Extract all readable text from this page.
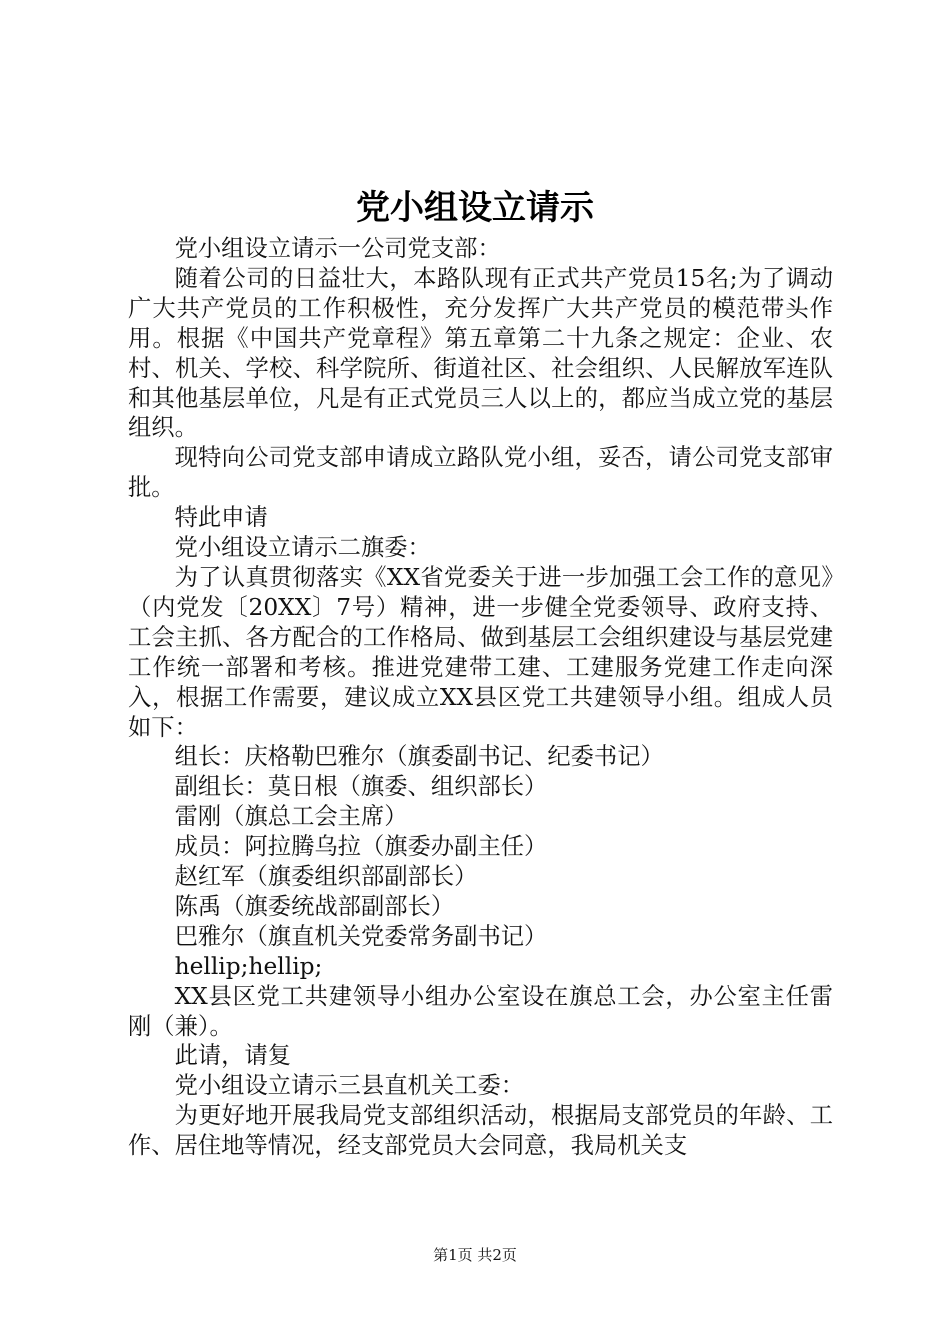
党小组设立请示

党小组设立请示一公司党支部：

随着公司的日益壮大，本路队现有正式共产党员15名;为了调动广大共产党员的工作积极性，充分发挥广大共产党员的模范带头作用。根据《中国共产党章程》第五章第二十九条之规定：企业、农村、机关、学校、科学院所、街道社区、社会组织、人民解放军连队和其他基层单位，凡是有正式党员三人以上的，都应当成立党的基层组织。

现特向公司党支部申请成立路队党小组，妥否，请公司党支部审批。

特此申请

党小组设立请示二旗委：

为了认真贯彻落实《XX省党委关于进一步加强工会工作的意见》（内党发〔20XX〕7号）精神，进一步健全党委领导、政府支持、工会主抓、各方配合的工作格局、做到基层工会组织建设与基层党建工作统一部署和考核。推进党建带工建、工建服务党建工作走向深入，根据工作需要，建议成立XX县区党工共建领导小组。组成人员如下：

组长：庆格勒巴雅尔（旗委副书记、纪委书记）

副组长：莫日根（旗委、组织部长）

雷刚（旗总工会主席）

成员：阿拉腾乌拉（旗委办副主任）

赵红军（旗委组织部副部长）

陈禹（旗委统战部副部长）

巴雅尔（旗直机关党委常务副书记）

hellip;hellip;

XX县区党工共建领导小组办公室设在旗总工会，办公室主任雷刚（兼）。

此请，请复

党小组设立请示三县直机关工委：

为更好地开展我局党支部组织活动，根据局支部党员的年龄、工作、居住地等情况，经支部党员大会同意，我局机关支

第1页 共2页
